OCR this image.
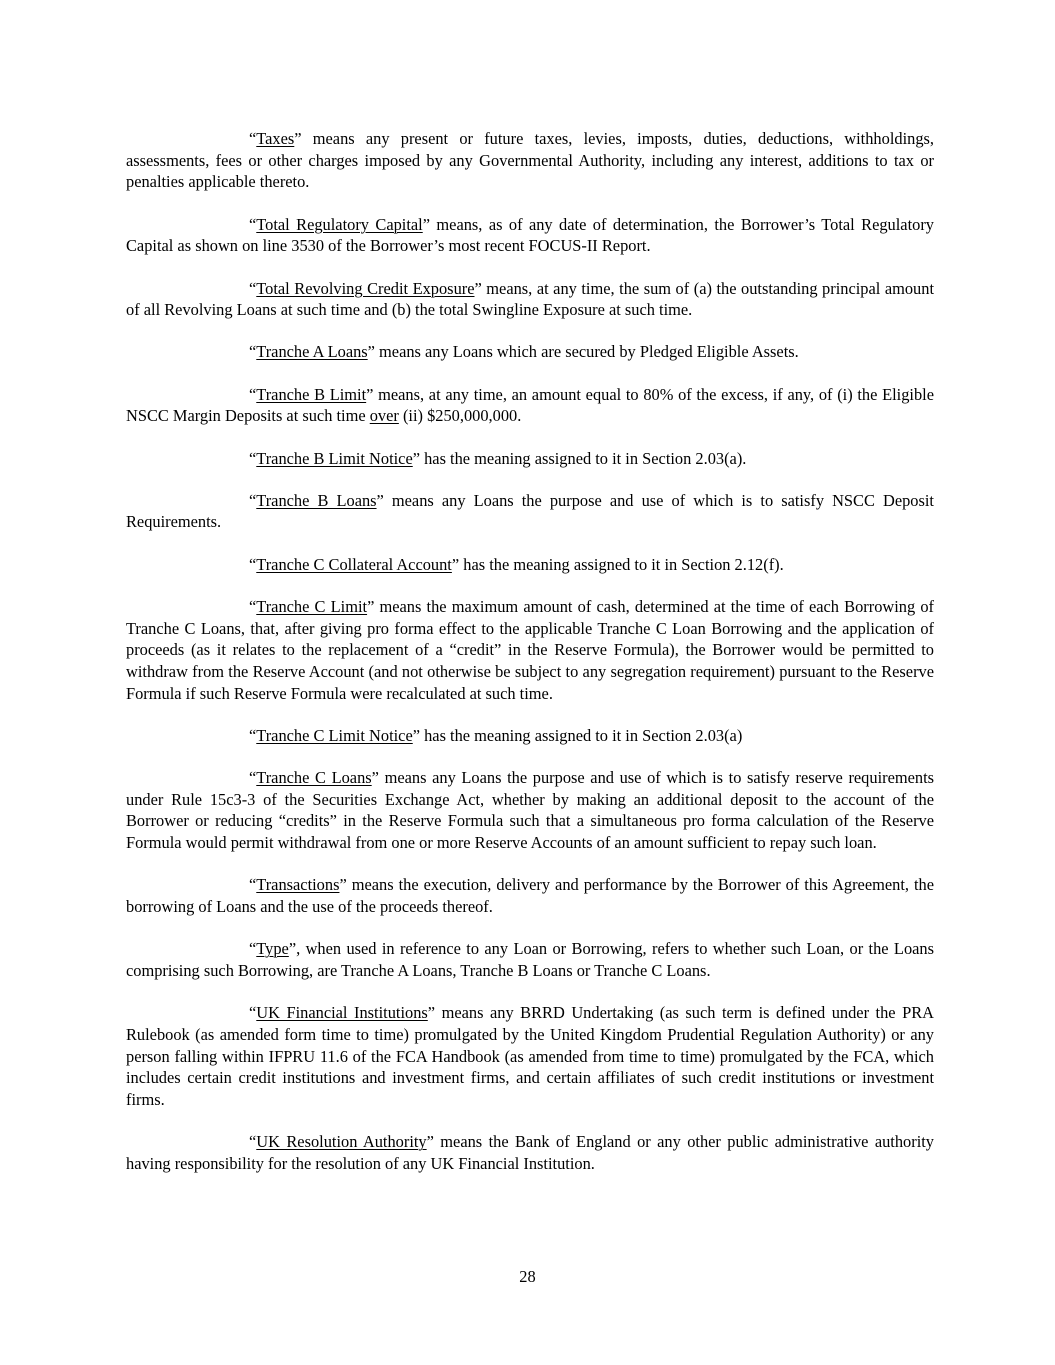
“Taxes” means any present or future taxes, levies, imposts, duties, deductions, withholdings, assessments, fees or other charges imposed by any Governmental Authority, including any interest, additions to tax or penalties applicable thereto.

“Total Regulatory Capital” means, as of any date of determination, the Borrower’s Total Regulatory Capital as shown on line 3530 of the Borrower’s most recent FOCUS-II Report.

“Total Revolving Credit Exposure” means, at any time, the sum of (a) the outstanding principal amount of all Revolving Loans at such time and (b) the total Swingline Exposure at such time.

“Tranche A Loans” means any Loans which are secured by Pledged Eligible Assets.

“Tranche B Limit” means, at any time, an amount equal to 80% of the excess, if any, of (i) the Eligible NSCC Margin Deposits at such time over (ii) $250,000,000.

“Tranche B Limit Notice” has the meaning assigned to it in Section 2.03(a).

“Tranche B Loans” means any Loans the purpose and use of which is to satisfy NSCC Deposit Requirements.

“Tranche C Collateral Account” has the meaning assigned to it in Section 2.12(f).

“Tranche C Limit” means the maximum amount of cash, determined at the time of each Borrowing of Tranche C Loans, that, after giving pro forma effect to the applicable Tranche C Loan Borrowing and the application of proceeds (as it relates to the replacement of a “credit” in the Reserve Formula), the Borrower would be permitted to withdraw from the Reserve Account (and not otherwise be subject to any segregation requirement) pursuant to the Reserve Formula if such Reserve Formula were recalculated at such time.

“Tranche C Limit Notice” has the meaning assigned to it in Section 2.03(a)

“Tranche C Loans” means any Loans the purpose and use of which is to satisfy reserve requirements under Rule 15c3-3 of the Securities Exchange Act, whether by making an additional deposit to the account of the Borrower or reducing “credits” in the Reserve Formula such that a simultaneous pro forma calculation of the Reserve Formula would permit withdrawal from one or more Reserve Accounts of an amount sufficient to repay such loan.

“Transactions” means the execution, delivery and performance by the Borrower of this Agreement, the borrowing of Loans and the use of the proceeds thereof.

“Type”, when used in reference to any Loan or Borrowing, refers to whether such Loan, or the Loans comprising such Borrowing, are Tranche A Loans, Tranche B Loans or Tranche C Loans.

“UK Financial Institutions” means any BRRD Undertaking (as such term is defined under the PRA Rulebook (as amended form time to time) promulgated by the United Kingdom Prudential Regulation Authority) or any person falling within IFPRU 11.6 of the FCA Handbook (as amended from time to time) promulgated by the FCA, which includes certain credit institutions and investment firms, and certain affiliates of such credit institutions or investment firms.

“UK Resolution Authority” means the Bank of England or any other public administrative authority having responsibility for the resolution of any UK Financial Institution.

28
